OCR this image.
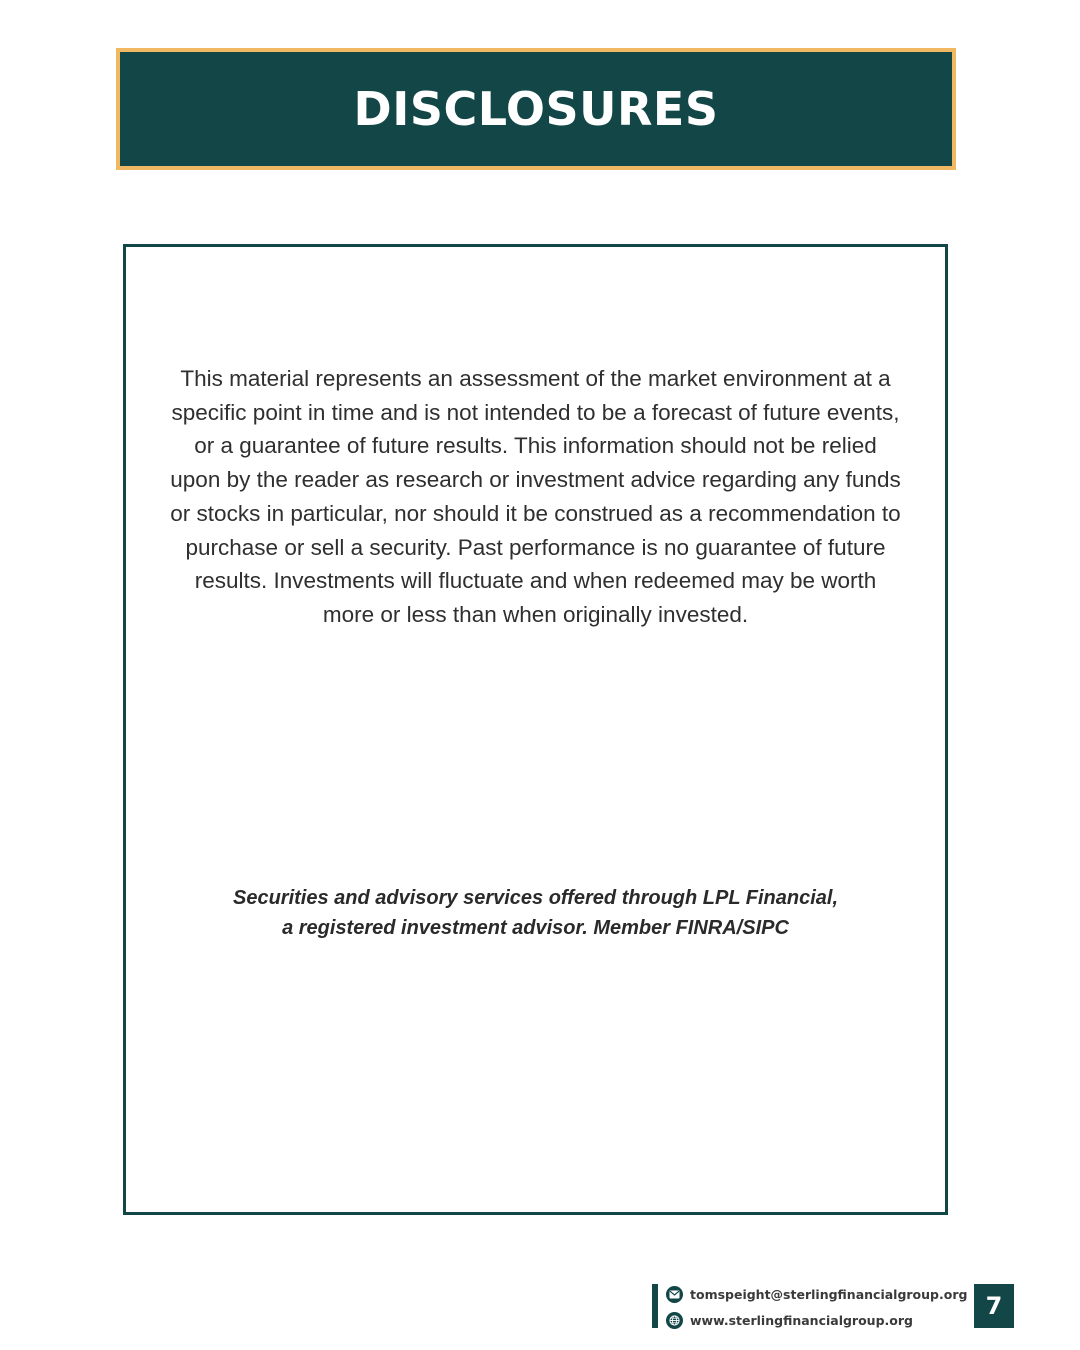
DISCLOSURES

This material represents an assessment of the market environment at a specific point in time and is not intended to be a forecast of future events, or a guarantee of future results. This information should not be relied upon by the reader as research or investment advice regarding any funds or stocks in particular, nor should it be construed as a recommendation to purchase or sell a security. Past performance is no guarantee of future results. Investments will fluctuate and when redeemed may be worth more or less than when originally invested.

Securities and advisory services offered through LPL Financial,
a registered investment advisor. Member FINRA/SIPC

tomspeight@sterlingfinancialgroup.org
www.sterlingfinancialgroup.org	7
